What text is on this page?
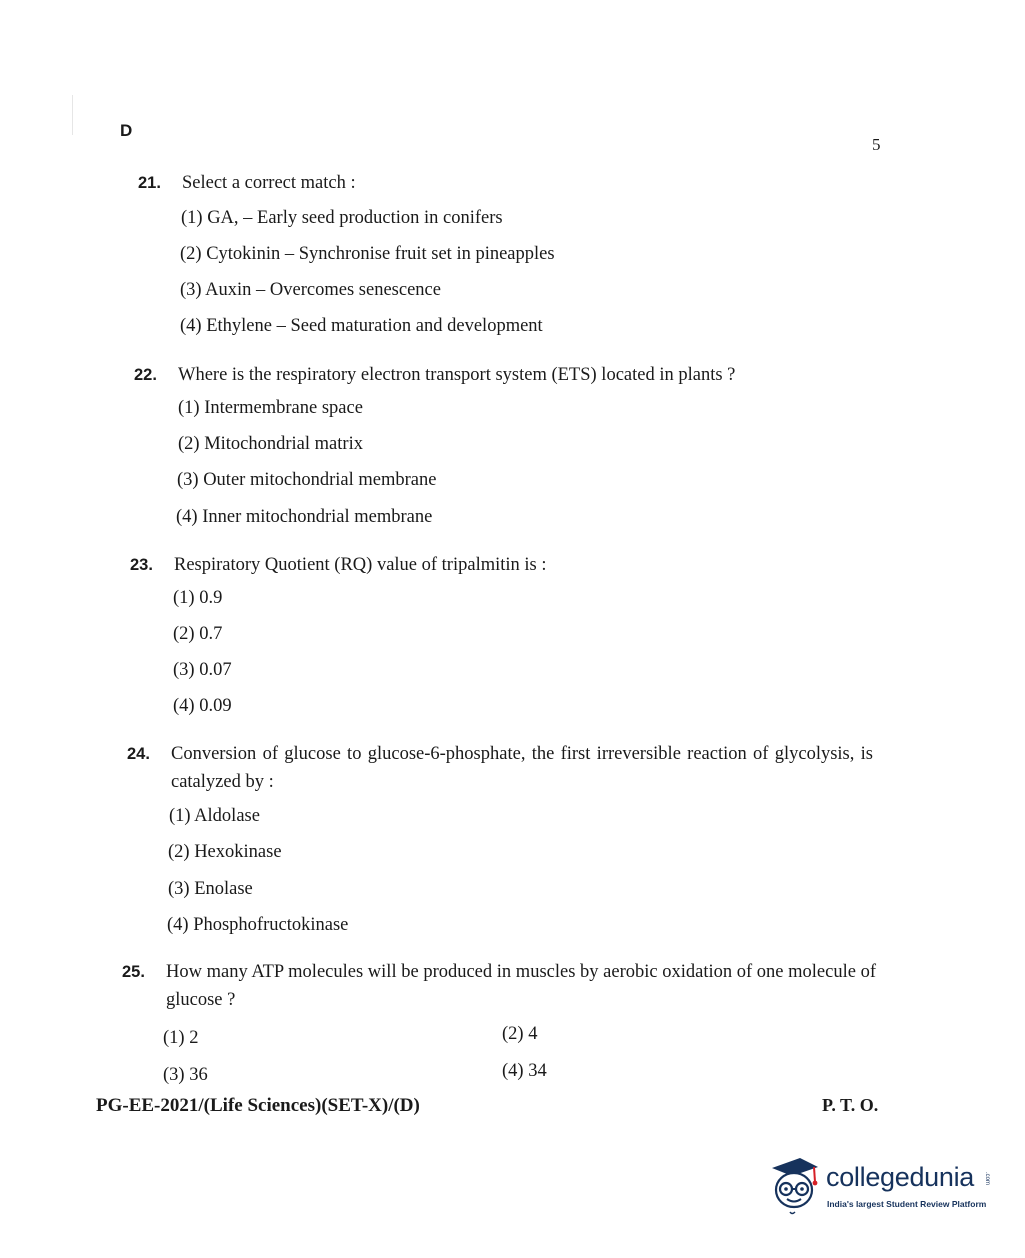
D
5
21. Select a correct match :
(1) GA, – Early seed production in conifers
(2) Cytokinin – Synchronise fruit set in pineapples
(3) Auxin – Overcomes senescence
(4) Ethylene – Seed maturation and development
22. Where is the respiratory electron transport system (ETS) located in plants ?
(1) Intermembrane space
(2) Mitochondrial matrix
(3) Outer mitochondrial membrane
(4) Inner mitochondrial membrane
23. Respiratory Quotient (RQ) value of tripalmitin is :
(1) 0.9
(2) 0.7
(3) 0.07
(4) 0.09
24. Conversion of glucose to glucose-6-phosphate, the first irreversible reaction of glycolysis, is catalyzed by :
(1) Aldolase
(2) Hexokinase
(3) Enolase
(4) Phosphofructokinase
25. How many ATP molecules will be produced in muscles by aerobic oxidation of one molecule of glucose ?
(1) 2	(2) 4
(3) 36	(4) 34
PG-EE-2021/(Life Sciences)(SET-X)/(D)	P. T. O.
collegedunia .com
India's largest Student Review Platform
